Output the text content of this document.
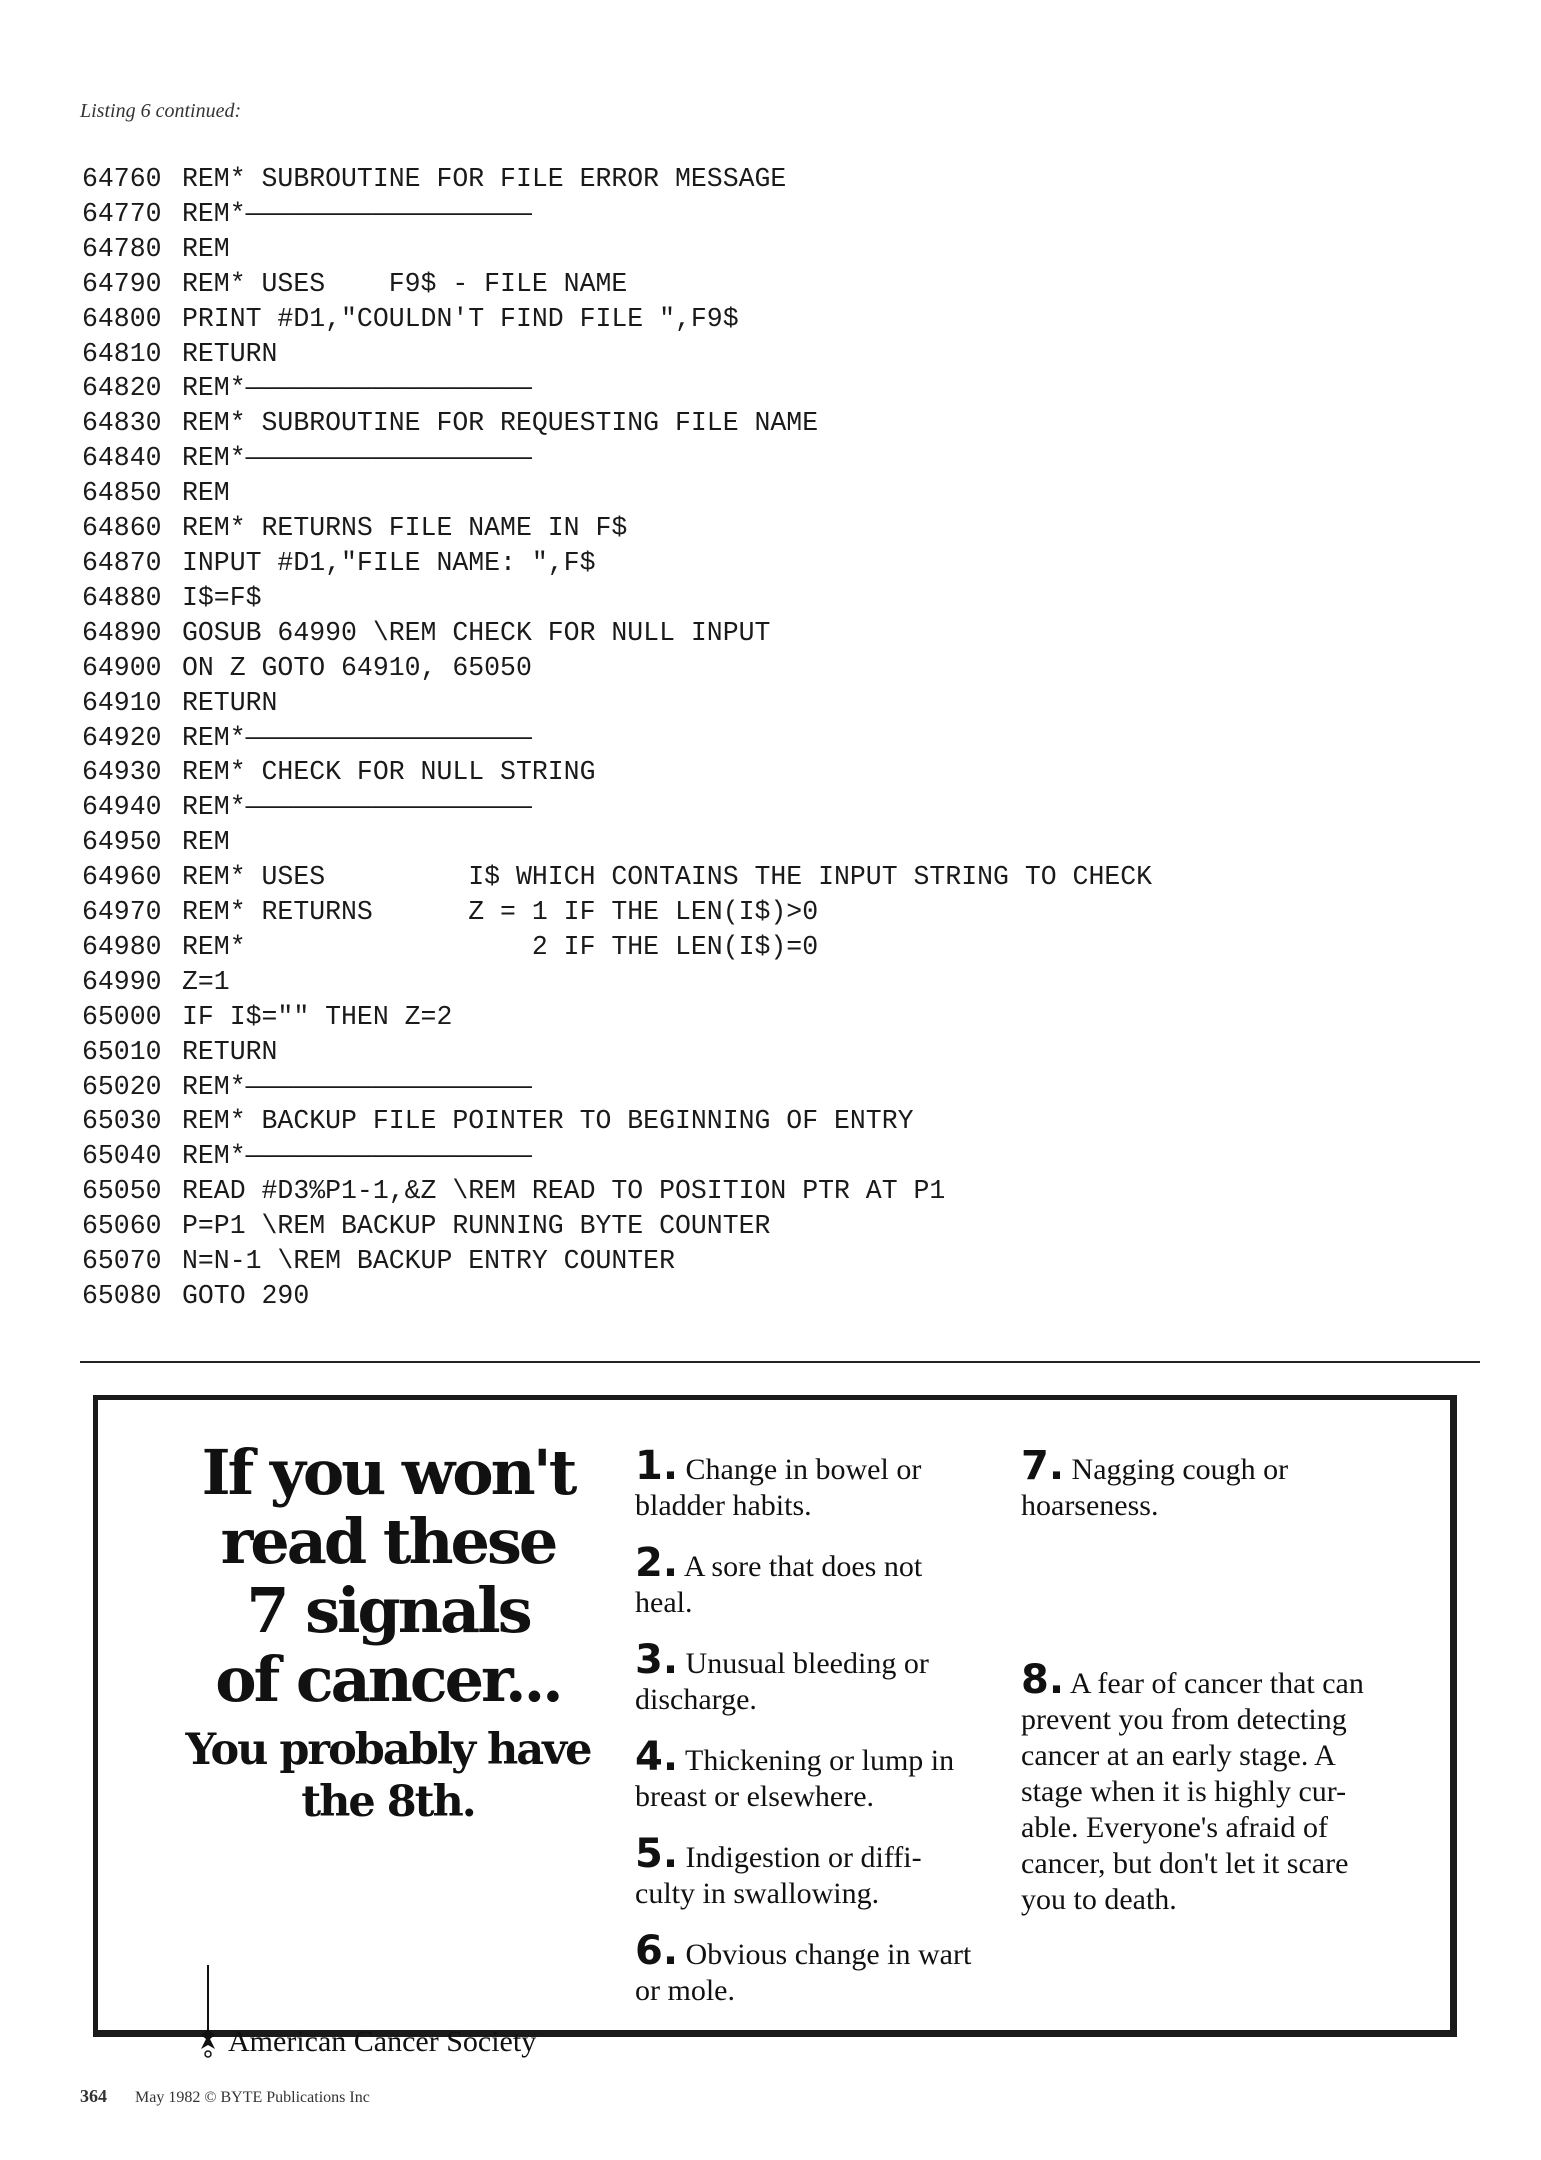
Listing 6 continued:
64760 REM* SUBROUTINE FOR FILE ERROR MESSAGE
64770 REM*——————————————————
64780 REM
64790 REM* USES    F9$ - FILE NAME
64800 PRINT #D1,"COULDN'T FIND FILE ",F9$
64810 RETURN
64820 REM*——————————————————
64830 REM* SUBROUTINE FOR REQUESTING FILE NAME
64840 REM*——————————————————
64850 REM
64860 REM* RETURNS FILE NAME IN F$
64870 INPUT #D1,"FILE NAME: ",F$
64880 I$=F$
64890 GOSUB 64990 \REM CHECK FOR NULL INPUT
64900 ON Z GOTO 64910, 65050
64910 RETURN
64920 REM*——————————————————
64930 REM* CHECK FOR NULL STRING
64940 REM*——————————————————
64950 REM
64960 REM* USES         I$ WHICH CONTAINS THE INPUT STRING TO CHECK
64970 REM* RETURNS      Z = 1 IF THE LEN(I$)>0
64980 REM*                  2 IF THE LEN(I$)=0
64990 Z=1
65000 IF I$="" THEN Z=2
65010 RETURN
65020 REM*——————————————————
65030 REM* BACKUP FILE POINTER TO BEGINNING OF ENTRY
65040 REM*——————————————————
65050 READ #D3%P1-1,&Z \REM READ TO POSITION PTR AT P1
65060 P=P1 \REM BACKUP RUNNING BYTE COUNTER
65070 N=N-1 \REM BACKUP ENTRY COUNTER
65080 GOTO 290
If you won't
read these
7 signals
of cancer...
You probably have
the 8th.
American Cancer Society
1. Change in bowel or bladder habits.
2. A sore that does not heal.
3. Unusual bleeding or discharge.
4. Thickening or lump in breast or elsewhere.
5. Indigestion or diffi- culty in swallowing.
6. Obvious change in wart or mole.
7. Nagging cough or hoarseness.
8. A fear of cancer that can prevent you from detecting cancer at an early stage. A stage when it is highly cur- able. Everyone's afraid of cancer, but don't let it scare you to death.
364 May 1982 © BYTE Publications Inc
